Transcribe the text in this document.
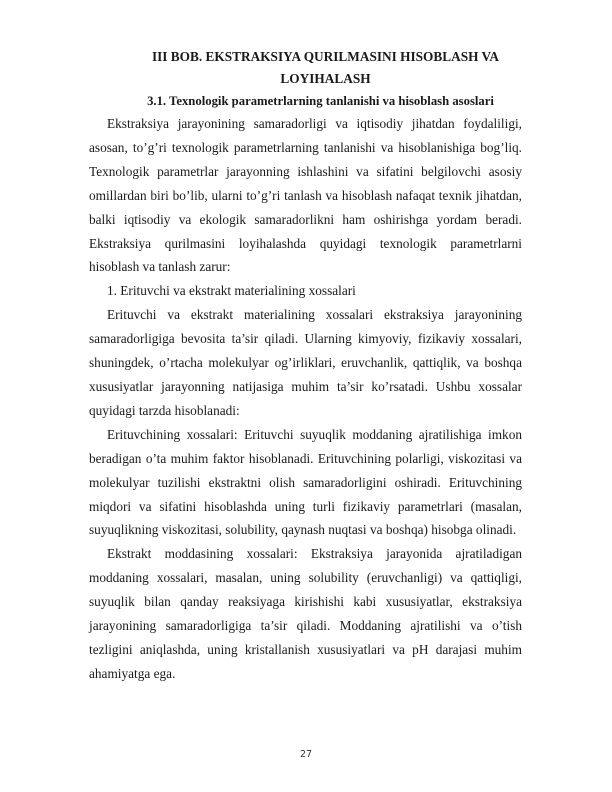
III BOB. EKSTRAKSIYA QURILMASINI HISOBLASH VA LOYIHALASH

3.1. Texnologik parametrlarning tanlanishi va hisoblash asoslari

Ekstraksiya jarayonining samaradorligi va iqtisodiy jihatdan foydaliligi, asosan, to’g’ri texnologik parametrlarning tanlanishi va hisoblanishiga bog’liq. Texnologik parametrlar jarayonning ishlashini va sifatini belgilovchi asosiy omillardan biri bo’lib, ularni to’g’ri tanlash va hisoblash nafaqat texnik jihatdan, balki iqtisodiy va ekologik samaradorlikni ham oshirishga yordam beradi. Ekstraksiya qurilmasini loyihalashda quyidagi texnologik parametrlarni hisoblash va tanlash zarur:

1. Erituvchi va ekstrakt materialining xossalari

Erituvchi va ekstrakt materialining xossalari ekstraksiya jarayonining samaradorligiga bevosita ta’sir qiladi. Ularning kimyoviy, fizikaviy xossalari, shuningdek, o’rtacha molekulyar og’irliklari, eruvchanlik, qattiqlik, va boshqa xususiyatlar jarayonning natijasiga muhim ta’sir ko’rsatadi. Ushbu xossalar quyidagi tarzda hisoblanadi:

Erituvchining xossalari: Erituvchi suyuqlik moddaning ajratilishiga imkon beradigan o’ta muhim faktor hisoblanadi. Erituvchining polarligi, viskozitasi va molekulyar tuzilishi ekstraktni olish samaradorligini oshiradi. Erituvchining miqdori va sifatini hisoblashda uning turli fizikaviy parametrlari (masalan, suyuqlikning viskozitasi, solubility, qaynash nuqtasi va boshqa) hisobga olinadi.

Ekstrakt moddasining xossalari: Ekstraksiya jarayonida ajratiladigan moddaning xossalari, masalan, uning solubility (eruvchanligi) va qattiqligi, suyuqlik bilan qanday reaksiyaga kirishishi kabi xususiyatlar, ekstraksiya jarayonining samaradorligiga ta’sir qiladi. Moddaning ajratilishi va o’tish tezligini aniqlashda, uning kristallanish xususiyatlari va pH darajasi muhim ahamiyatga ega.

27
